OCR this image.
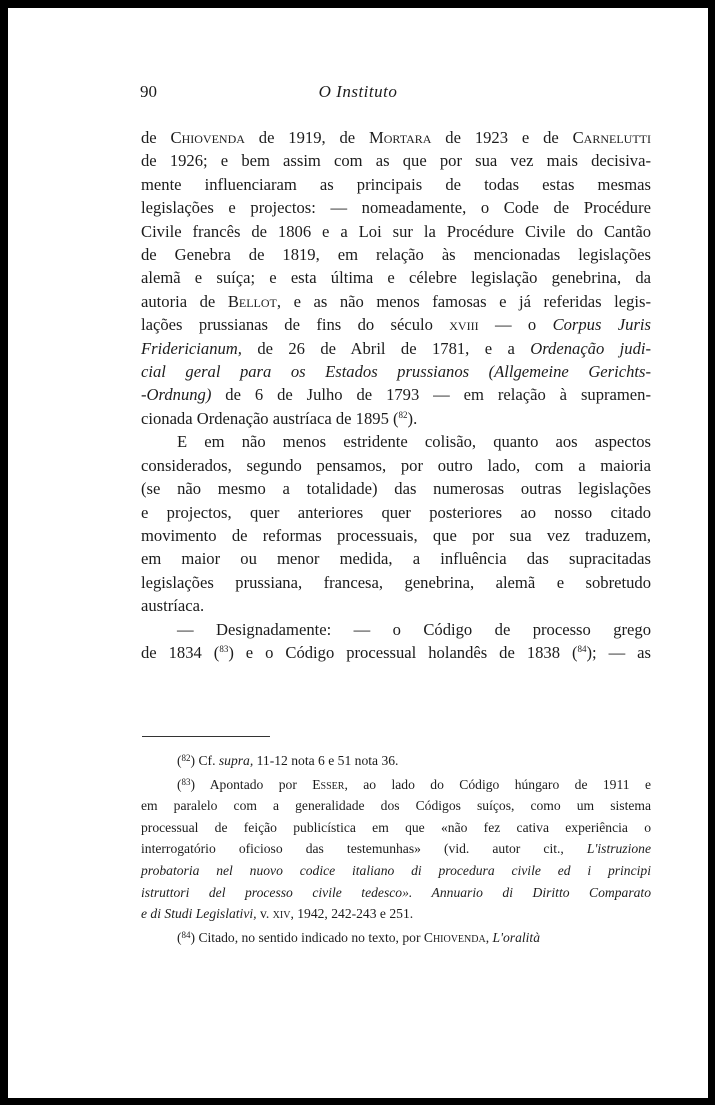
90	O Instituto

de Chiovenda de 1919, de Mortara de 1923 e de Carnelutti
de 1926; e bem assim com as que por sua vez mais decisiva-
mente influenciaram as principais de todas estas mesmas
legislações e projectos: — nomeadamente, o Code de Procédure
Civile francês de 1806 e a Loi sur la Procédure Civile do Cantão
de Genebra de 1819, em relação às mencionadas legislações
alemã e suíça; e esta última e célebre legislação genebrina, da
autoria de Bellot, e as não menos famosas e já referidas legis-
lações prussianas de fins do século xviii — o Corpus Juris
Fridericianum, de 26 de Abril de 1781, e a Ordenação judi-
cial geral para os Estados prussianos (Allgemeine Gerichts-
-Ordnung) de 6 de Julho de 1793 — em relação à supramen-
cionada Ordenação austríaca de 1895 ($^{82}$).

E em não menos estridente colisão, quanto aos aspectos
considerados, segundo pensamos, por outro lado, com a maioria
(se não mesmo a totalidade) das numerosas outras legislações
e projectos, quer anteriores quer posteriores ao nosso citado
movimento de reformas processuais, que por sua vez traduzem,
em maior ou menor medida, a influência das supracitadas
legislações prussiana, francesa, genebrina, alemã e sobretudo
austríaca.

— Designadamente: — o Código de processo grego
de 1834 ($^{83}$) e o Código processual holandês de 1838 ($^{84}$); — as

($^{82}$) Cf. supra, 11-12 nota 6 e 51 nota 36.

($^{83}$) Apontado por Esser, ao lado do Código húngaro de 1911 e
em paralelo com a generalidade dos Códigos suíços, como um sistema
processual de feição publicística em que «não fez cativa experiência o
interrogatório oficioso das testemunhas» (vid. autor cit., L'istruzione
probatoria nel nuovo codice italiano di procedura civile ed i principi
istruttori del processo civile tedesco». Annuario di Diritto Comparato
e di Studi Legislativi, v. xiv, 1942, 242-243 e 251.

($^{84}$) Citado, no sentido indicado no texto, por Chiovenda, L'oralità
